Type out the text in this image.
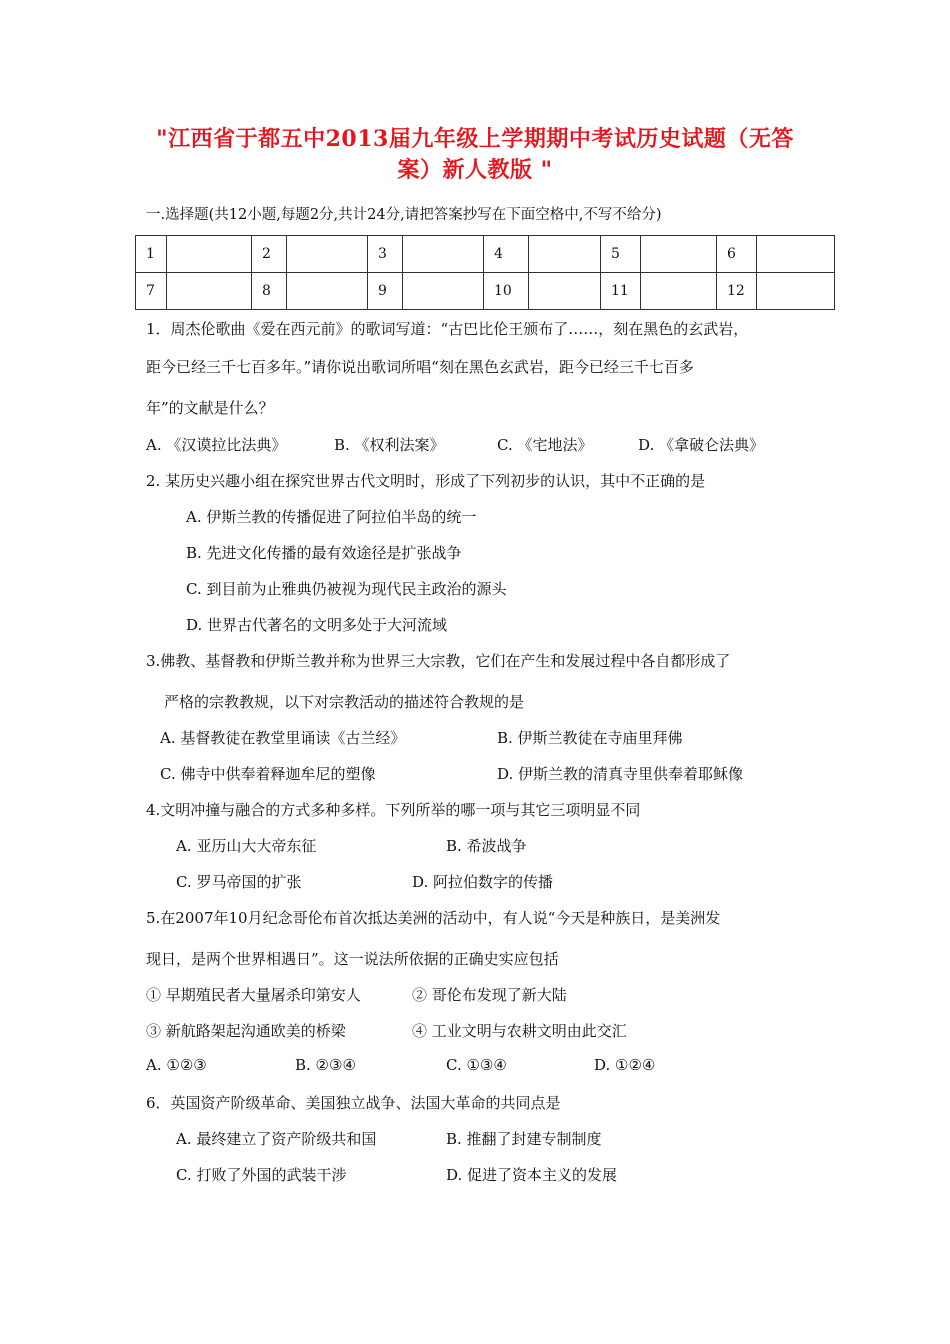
"江西省于都五中2013届九年级上学期期中考试历史试题（无答
案）新人教版 "
一.选择题(共12小题,每题2分,共计24分,请把答案抄写在下面空格中,不写不给分)
1		2		3		4		5		6	
7		8		9		10		11		12	
1．周杰伦歌曲《爱在西元前》的歌词写道：“古巴比伦王颁布了……，刻在黑色的玄武岩，
距今已经三千七百多年。”请你说出歌词所唱“刻在黑色玄武岩，距今已经三千七百多
年”的文献是什么？
A. 《汉谟拉比法典》	B. 《权利法案》	C. 《宅地法》	D. 《拿破仑法典》
2. 某历史兴趣小组在探究世界古代文明时，形成了下列初步的认识，其中不正确的是
A. 伊斯兰教的传播促进了阿拉伯半岛的统一
B. 先进文化传播的最有效途径是扩张战争
C. 到目前为止雅典仍被视为现代民主政治的源头
D. 世界古代著名的文明多处于大河流域
3.佛教、基督教和伊斯兰教并称为世界三大宗教，它们在产生和发展过程中各自都形成了
严格的宗教教规，以下对宗教活动的描述符合教规的是
A. 基督教徒在教堂里诵读《古兰经》	B. 伊斯兰教徒在寺庙里拜佛
C. 佛寺中供奉着释迦牟尼的塑像	D. 伊斯兰教的清真寺里供奉着耶稣像
4.文明冲撞与融合的方式多种多样。下列所举的哪一项与其它三项明显不同
A. 亚历山大大帝东征	B. 希波战争
C. 罗马帝国的扩张	D. 阿拉伯数字的传播
5.在2007年10月纪念哥伦布首次抵达美洲的活动中，有人说“今天是种族日，是美洲发
现日，是两个世界相遇日”。这一说法所依据的正确史实应包括
① 早期殖民者大量屠杀印第安人	② 哥伦布发现了新大陆
③ 新航路架起沟通欧美的桥梁	④ 工业文明与农耕文明由此交汇
A. ①②③	B. ②③④	C. ①③④	D. ①②④
6．英国资产阶级革命、美国独立战争、法国大革命的共同点是
A. 最终建立了资产阶级共和国	B. 推翻了封建专制制度
C. 打败了外国的武装干涉	D. 促进了资本主义的发展
